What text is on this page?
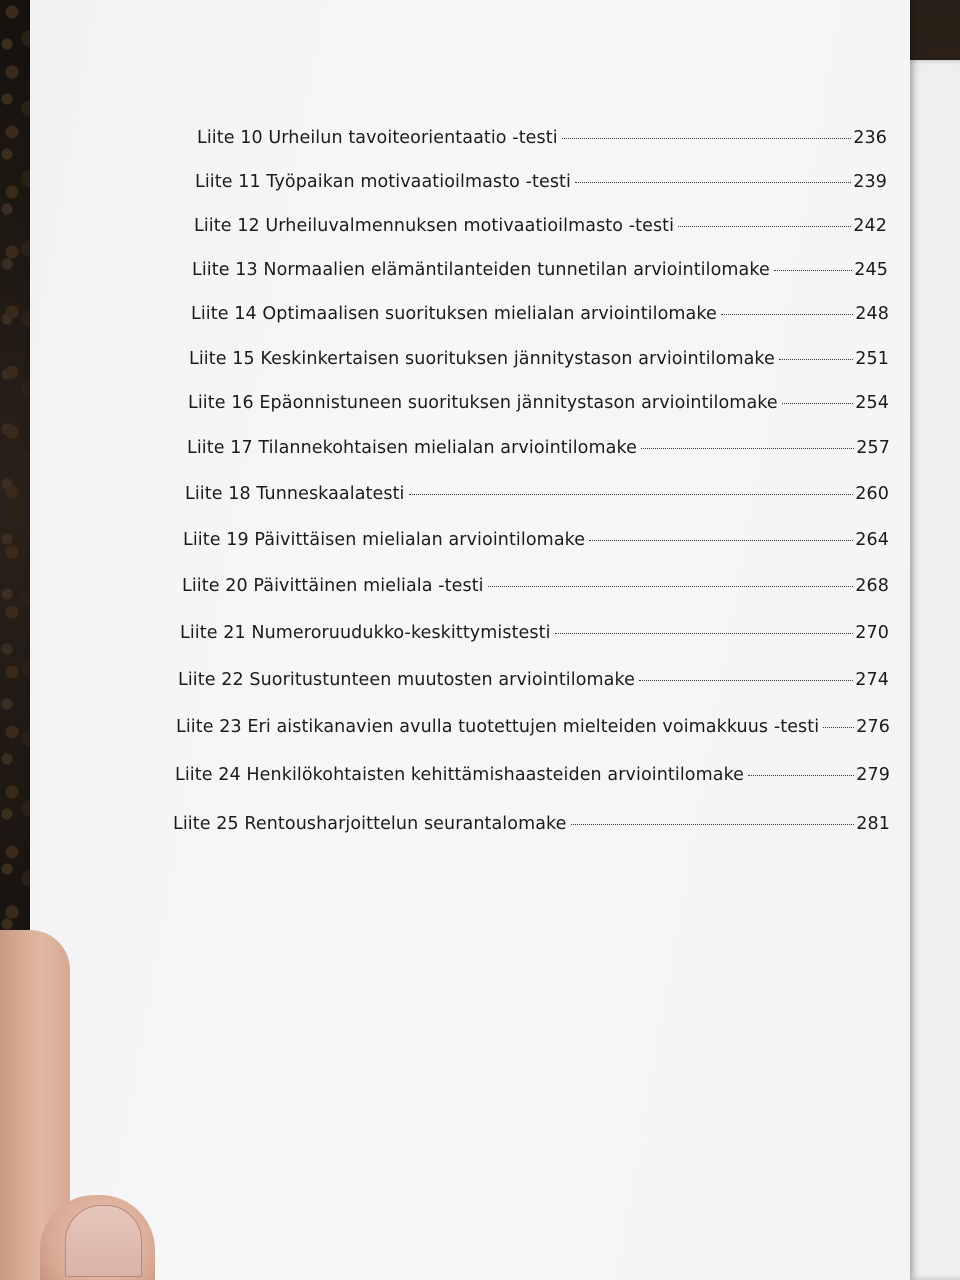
Liite 10 Urheilun tavoiteorientaatio -testi	236
Liite 11 Työpaikan motivaatioilmasto -testi	239
Liite 12 Urheiluvalmennuksen motivaatioilmasto -testi	242
Liite 13 Normaalien elämäntilanteiden tunnetilan arviointilomake	245
Liite 14 Optimaalisen suorituksen mielialan arviointilomake	248
Liite 15 Keskinkertaisen suorituksen jännitystason arviointilomake	251
Liite 16 Epäonnistuneen suorituksen jännitystason arviointilomake	254
Liite 17 Tilannekohtaisen mielialan arviointilomake	257
Liite 18 Tunneskaalatesti	260
Liite 19 Päivittäisen mielialan arviointilomake	264
Liite 20 Päivittäinen mieliala -testi	268
Liite 21 Numeroruudukko-keskittymistesti	270
Liite 22 Suoritustunteen muutosten arviointilomake	274
Liite 23 Eri aistikanavien avulla tuotettujen mielteiden voimakkuus -testi 276
Liite 24 Henkilökohtaisten kehittämishaasteiden arviointilomake	279
Liite 25 Rentousharjoittelun seurantalomake	281
